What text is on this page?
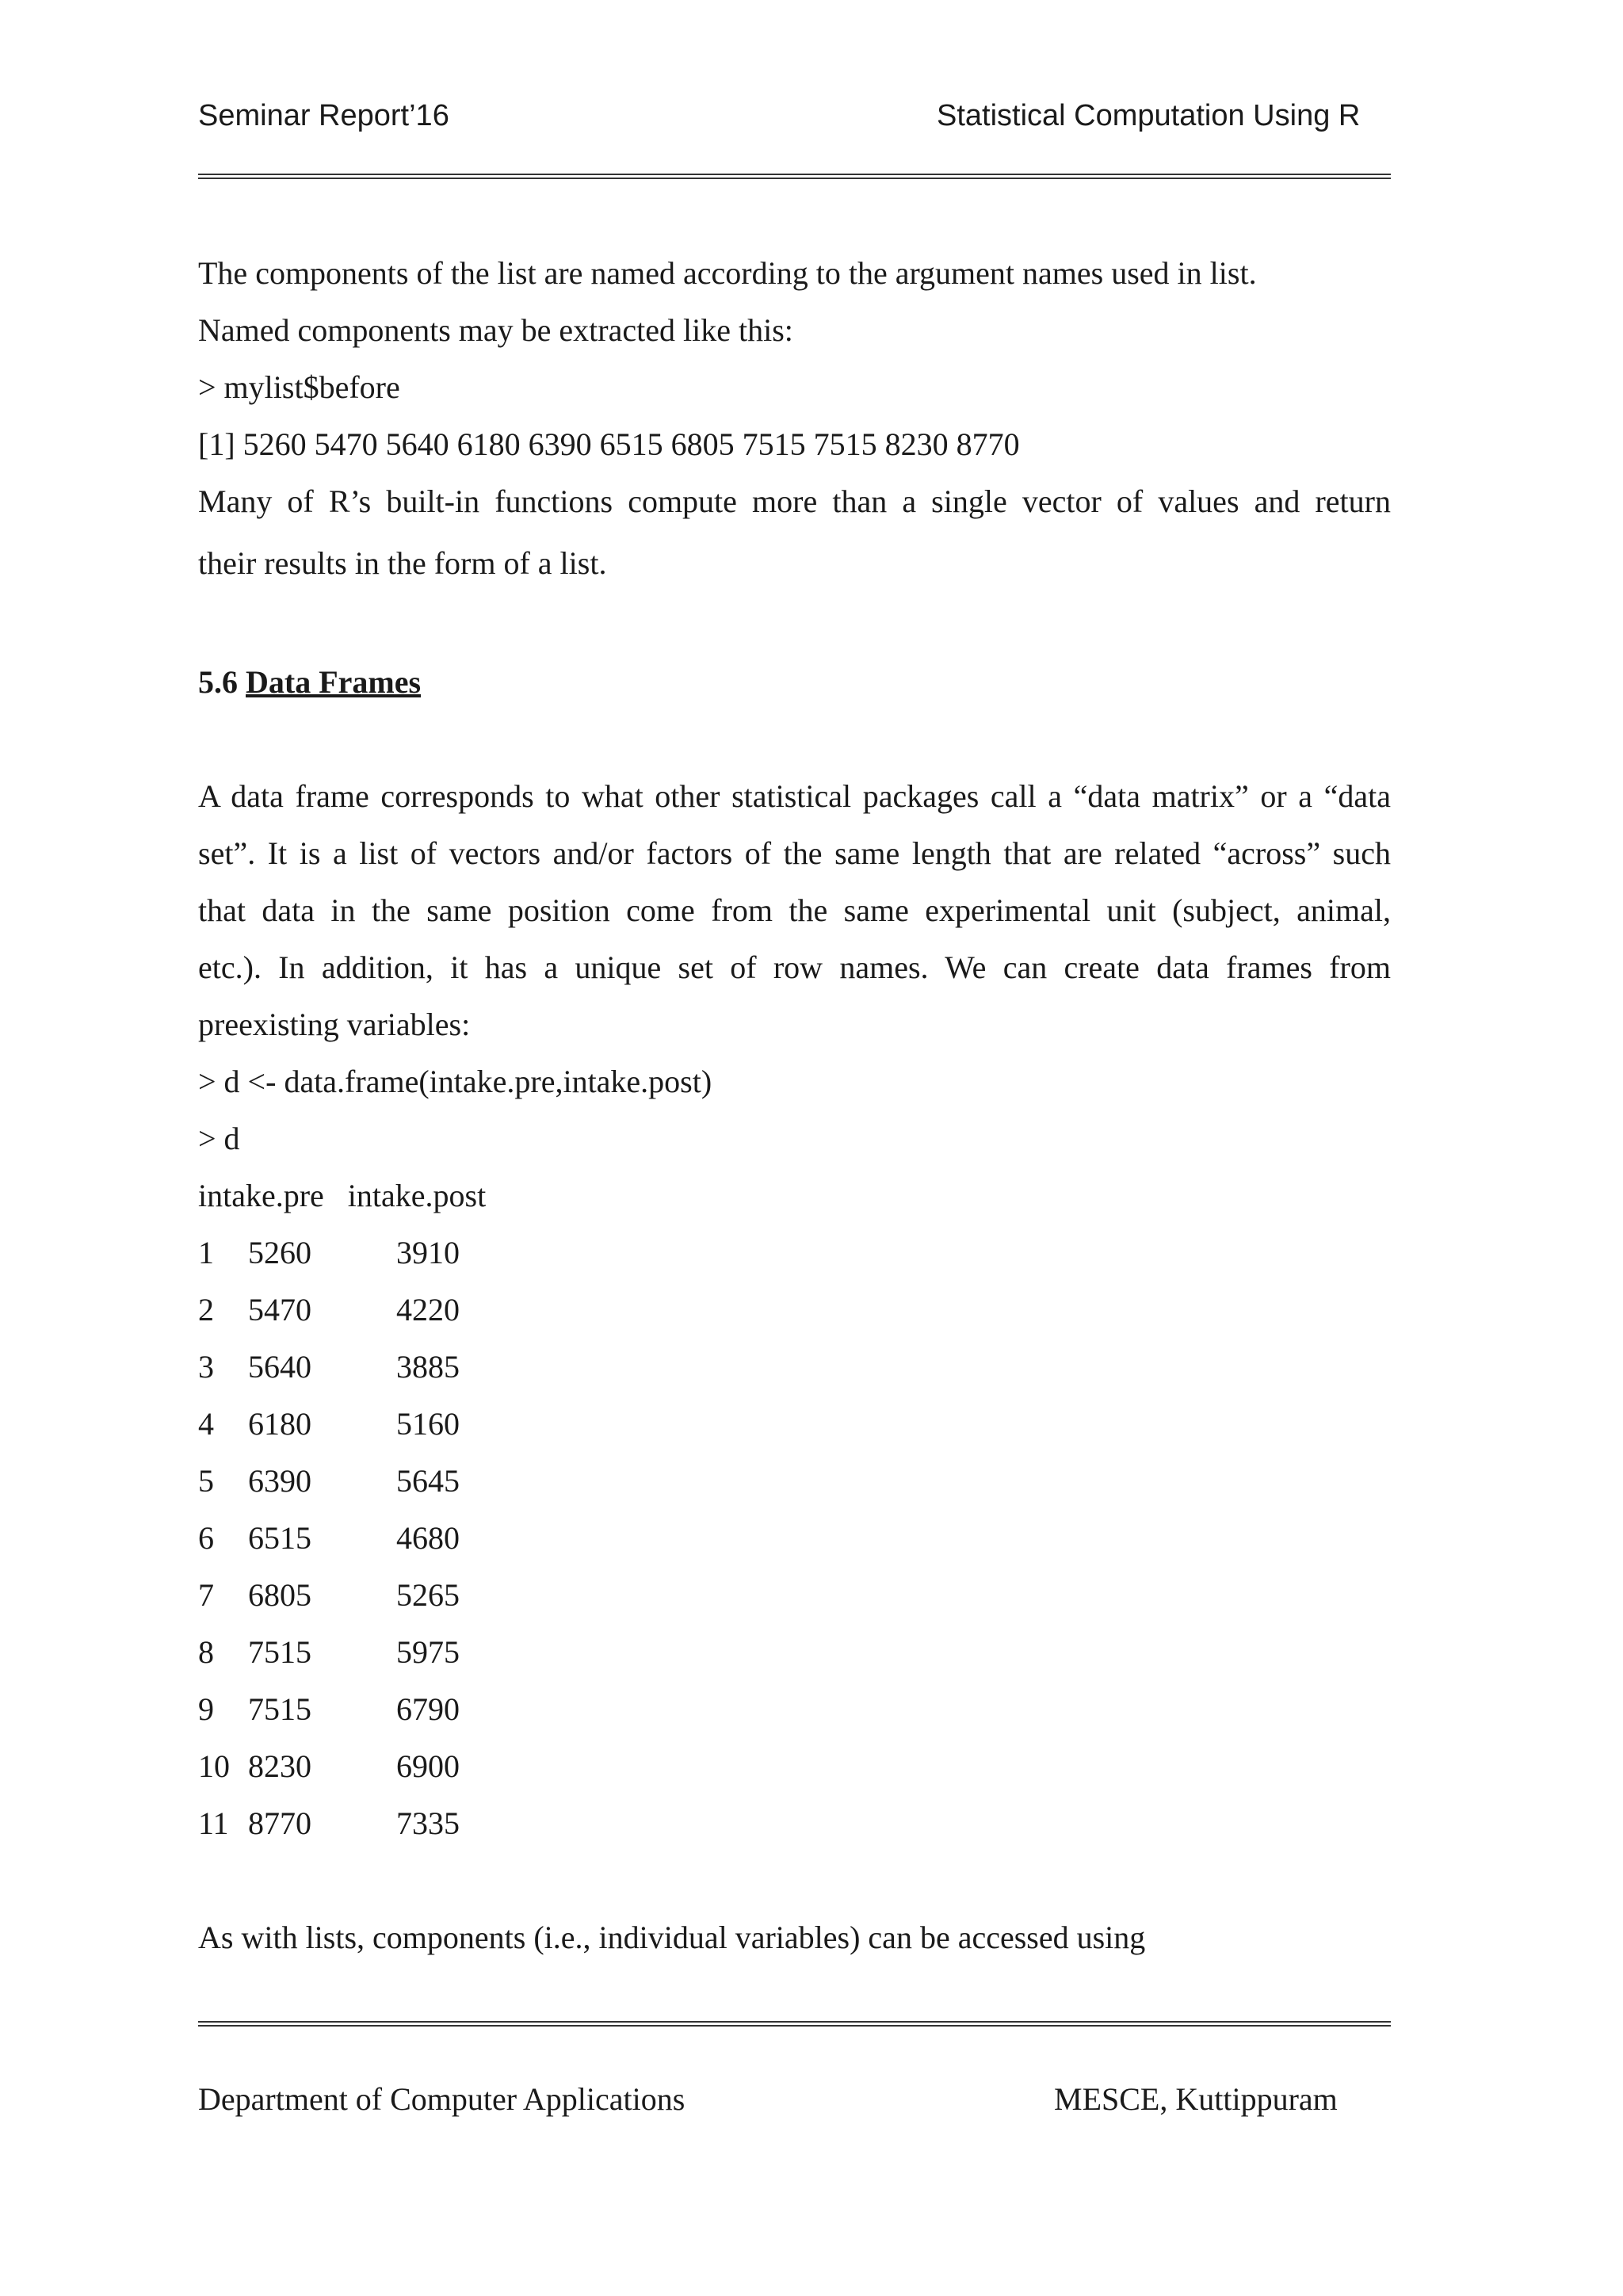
Seminar Report’16	Statistical Computation Using R
The components of the list are named according to the argument names used in list.
Named components may be extracted like this:
> mylist$before
[1] 5260 5470 5640 6180 6390 6515 6805 7515 7515 8230 8770
Many of R’s built-in functions compute more than a single vector of values and return
their results in the form of a list.
5.6 Data Frames
A data frame corresponds to what other statistical packages call a “data matrix” or a “data
set”. It is a list of vectors and/or factors of the same length that are related “across” such
that data in the same position come from the same experimental unit (subject, animal,
etc.). In addition, it has a unique set of row names. We can create data frames from
preexisting variables:
> d <- data.frame(intake.pre,intake.post)
> d
intake.pre   intake.post
1 5260	3910
2 5470	4220
3 5640	3885
4 6180	5160
5 6390	5645
6 6515	4680
7 6805	5265
8 7515	5975
9 7515	6790
10 8230	6900
11 8770	7335
As with lists, components (i.e., individual variables) can be accessed using
Department of Computer Applications	MESCE, Kuttippuram
